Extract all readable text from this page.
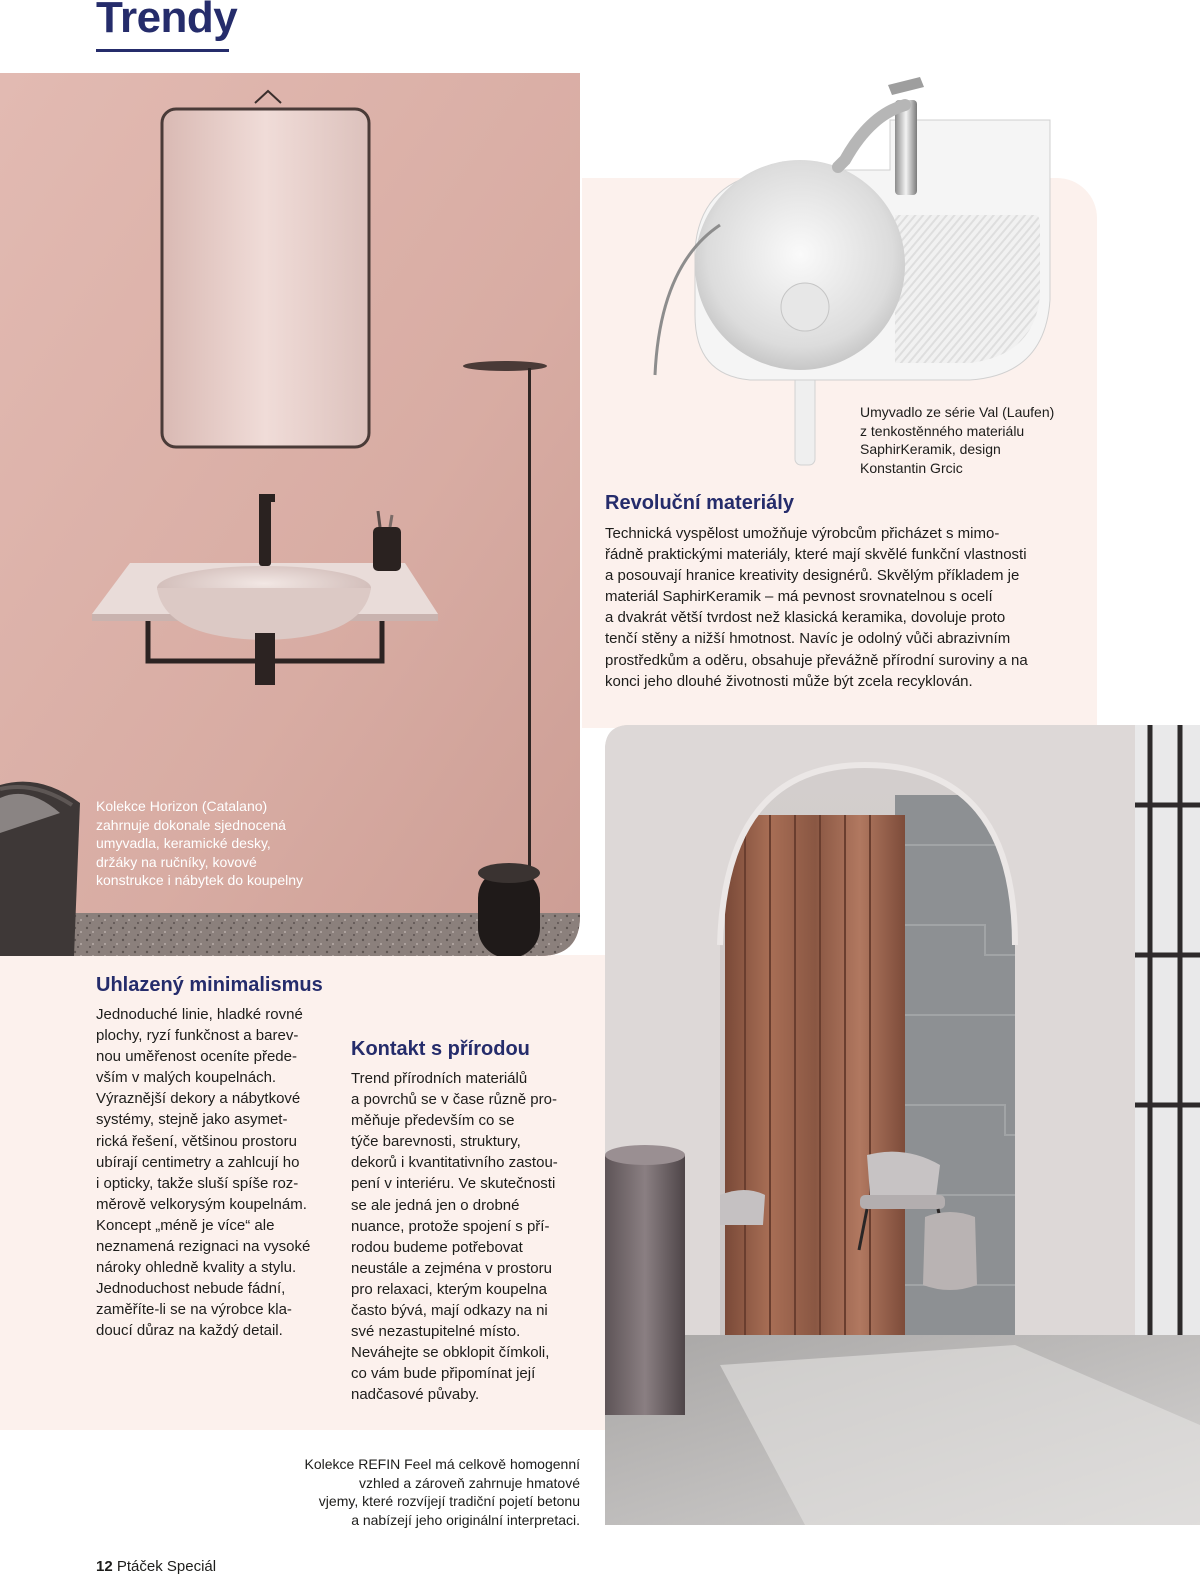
Trendy

Kolekce Horizon (Catalano)

zahrnuje dokonale sjednocená

umyvadla, keramické desky,

držáky na ručníky, kovové

konstrukce i nábytek do koupelny

Umyvadlo ze série Val (Laufen)

z tenkostěnného materiálu

SaphirKeramik, design

Konstantin Grcic

Revoluční materiály

Technická vyspělost umožňuje výrobcům přicházet s mimo-

řádně praktickými materiály, které mají skvělé funkční vlastnosti

a posouvají hranice kreativity designérů. Skvělým příkladem je

materiál SaphirKeramik – má pevnost srovnatelnou s ocelí

a dvakrát větší tvrdost než klasická keramika, dovoluje proto

tenčí stěny a nižší hmotnost. Navíc je odolný vůči abrazivním

prostředkům a oděru, obsahuje převážně přírodní suroviny a na

konci jeho dlouhé životnosti může být zcela recyklován.

Uhlazený minimalismus

Jednoduché linie, hladké rovné

plochy, ryzí funkčnost a barev-

nou uměřenost oceníte přede-

vším v malých koupelnách.

Výraznější dekory a nábytkové

systémy, stejně jako asymet-

rická řešení, většinou prostoru

ubírají centimetry a zahlcují ho

i opticky, takže sluší spíše roz-

měrově velkorysým koupelnám.

Koncept „méně je více“ ale

neznamená rezignaci na vysoké

nároky ohledně kvality a stylu.

Jednoduchost nebude fádní,

zaměříte-li se na výrobce kla-

doucí důraz na každý detail.

Kontakt s přírodou

Trend přírodních materiálů

a povrchů se v čase různě pro-

měňuje především co se

týče barevnosti, struktury,

dekorů i kvantitativního zastou-

pení v interiéru. Ve skutečnosti

se ale jedná jen o drobné

nuance, protože spojení s pří-

rodou budeme potřebovat

neustále a zejména v prostoru

pro relaxaci, kterým koupelna

často bývá, mají odkazy na ni

své nezastupitelné místo.

Neváhejte se obklopit čímkoli,

co vám bude připomínat její

nadčasové půvaby.

Kolekce REFIN Feel má celkově homogenní

vzhled a zároveň zahrnuje hmatové

vjemy, které rozvíjejí tradiční pojetí betonu

a nabízejí jeho originální interpretaci.

12 Ptáček Speciál
